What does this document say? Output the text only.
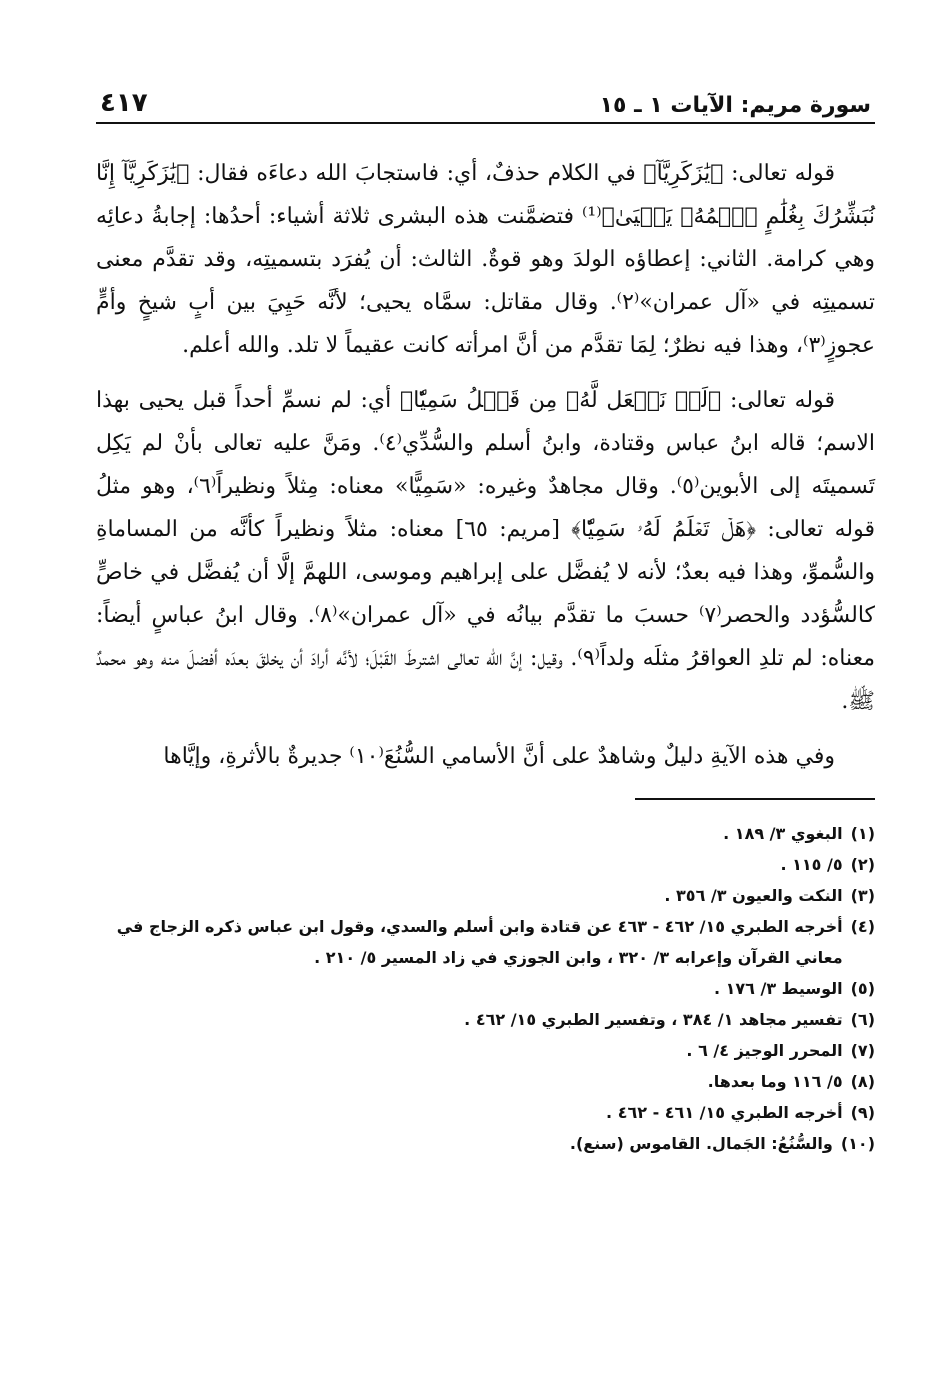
سورة مريم: الآيات ١ ـ ١٥
٤١٧

قوله تعالى: ﴿يَٰزَكَرِيَّآ﴾ في الكلام حذفٌ، أي: فاستجابَ الله دعاءَه فقال: ﴿يَٰزَكَرِيَّآ إِنَّا نُبَشِّرُكَ بِغُلَٰمٍ ٱسۡمُهُۥ يَحۡيَىٰ﴾⁽¹⁾ فتضمَّنت هذه البشرى ثلاثة أشياء: أحدُها: إجابةُ دعائِه وهي كرامة. الثاني: إعطاؤه الولدَ وهو قوةٌ. الثالث: أن يُفرَد بتسميتِه، وقد تقدَّم معنى تسميتِه في «آل عمران»⁽٢⁾. وقال مقاتل: سمَّاه يحيى؛ لأنَّه حَيِيَ بين أبٍ شيخٍ وأمٍّ عجوزٍ⁽٣⁾، وهذا فيه نظرٌ؛ لِمَا تقدَّم من أنَّ امرأته كانت عقيماً لا تلد. والله أعلم.

قوله تعالى: ﴿لَمۡ نَجۡعَل لَّهُۥ مِن قَبۡلُ سَمِيّٗا﴾ أي: لم نسمِّ أحداً قبل يحيى بهذا الاسم؛ قاله ابنُ عباس وقتادة، وابنُ أسلم والسُّدِّي⁽٤⁾. ومَنَّ عليه تعالى بأنْ لم يَكِل تَسميتَه إلى الأبوين⁽٥⁾. وقال مجاهدٌ وغيره: «سَمِيًّا» معناه: مِثلاً ونظيراً⁽٦⁾، وهو مثلُ قوله تعالى: ﴿هَلۡ تَعۡلَمُ لَهُۥ سَمِيّٗا﴾ [مريم: ٦٥] معناه: مثلاً ونظيراً كأنَّه من المساماةِ والسُّموِّ، وهذا فيه بعدٌ؛ لأنه لا يُفضَّل على إبراهيم وموسى، اللهمَّ إلَّا أن يُفضَّل في خاصٍّ كالسُّؤدد والحصر⁽٧⁾ حسبَ ما تقدَّم بيانُه في «آل عمران»⁽٨⁾. وقال ابنُ عباسٍ أيضاً: معناه: لم تلدِ العواقرُ مثلَه ولداً⁽٩⁾. وقيل: إنَّ الله تعالى اشترطَ القَبْلَ؛ لأنَّه أرادَ أن يخلقَ بعدَه أفضلَ منه وهو محمدٌ ﷺ.

وفي هذه الآيةِ دليلٌ وشاهدٌ على أنَّ الأسامي السُّنُعَ⁽١٠⁾ جديرةٌ بالأثرةِ، وإيَّاها

(١)
البغوي ٣/ ١٨٩ .
(٢)
٥/ ١١٥ .
(٣)
النكت والعيون ٣/ ٣٥٦ .
(٤)
أخرجه الطبري ١٥/ ٤٦٢ - ٤٦٣ عن قتادة وابن أسلم والسدي، وقول ابن عباس ذكره الزجاج في معاني القرآن وإعرابه ٣/ ٣٢٠ ، وابن الجوزي في زاد المسير ٥/ ٢١٠ .
(٥)
الوسيط ٣/ ١٧٦ .
(٦)
تفسير مجاهد ١/ ٣٨٤ ، وتفسير الطبري ١٥/ ٤٦٢ .
(٧)
المحرر الوجيز ٤/ ٦ .
(٨)
٥/ ١١٦ وما بعدها.
(٩)
أخرجه الطبري ١٥/ ٤٦١ - ٤٦٢ .
(١٠)
والسُّنُعُ: الجَمال. القاموس (سنع).
